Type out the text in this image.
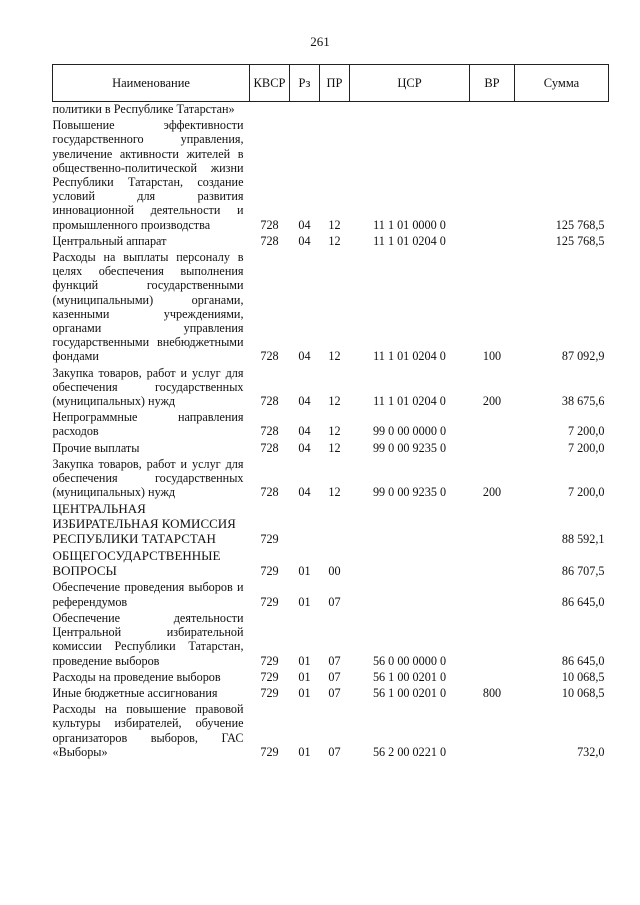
261
Наименование	КВСР	Рз	ПР	ЦСР	ВР	Сумма
политики в Республике Татарстан»						
Повышение эффективности государственного управления, увеличение активности жителей в общественно-политической жизни Республики Татарстан, создание условий для развития инновационной деятельности и промышленного производства	728	04	12	11 1 01 0000 0		125 768,5
Центральный аппарат	728	04	12	11 1 01 0204 0		125 768,5
Расходы на выплаты персоналу в целях обеспечения выполнения функций государственными (муниципальными) органами, казенными учреждениями, органами управления государственными внебюджетными фондами	728	04	12	11 1 01 0204 0	100	87 092,9
Закупка товаров, работ и услуг для обеспечения государственных (муниципальных) нужд	728	04	12	11 1 01 0204 0	200	38 675,6
Непрограммные направления расходов	728	04	12	99 0 00 0000 0		7 200,0
Прочие выплаты	728	04	12	99 0 00 9235 0		7 200,0
Закупка товаров, работ и услуг для обеспечения государственных (муниципальных) нужд	728	04	12	99 0 00 9235 0	200	7 200,0
ЦЕНТРАЛЬНАЯ ИЗБИРАТЕЛЬНАЯ КОМИССИЯ РЕСПУБЛИКИ ТАТАРСТАН	729					88 592,1
ОБЩЕГОСУДАРСТВЕННЫЕ ВОПРОСЫ	729	01	00			86 707,5
Обеспечение проведения выборов и референдумов	729	01	07			86 645,0
Обеспечение деятельности Центральной избирательной комиссии Республики Татарстан, проведение выборов	729	01	07	56 0 00 0000 0		86 645,0
Расходы на проведение выборов	729	01	07	56 1 00 0201 0		10 068,5
Иные бюджетные ассигнования	729	01	07	56 1 00 0201 0	800	10 068,5
Расходы на повышение правовой культуры избирателей, обучение организаторов выборов, ГАС «Выборы»	729	01	07	56 2 00 0221 0		732,0
